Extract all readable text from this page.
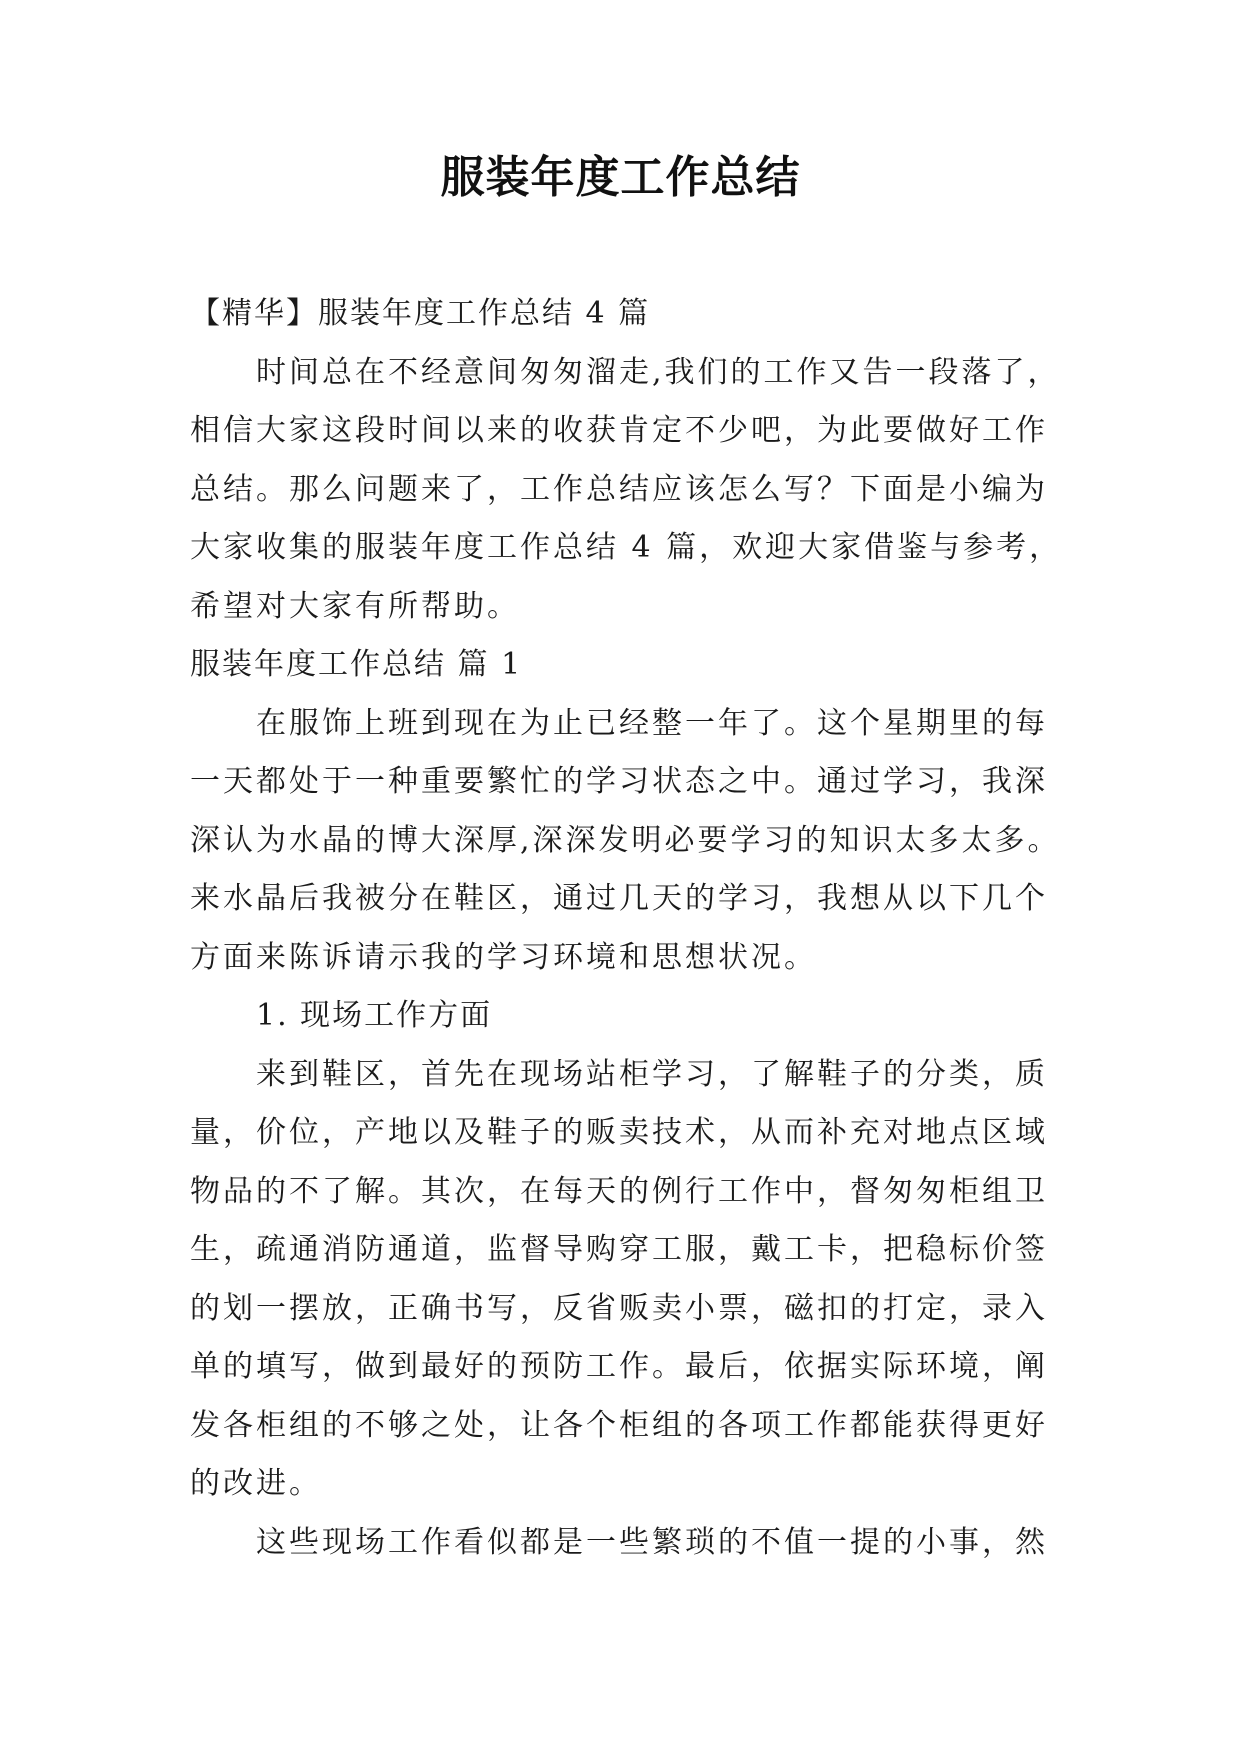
服装年度工作总结

【精华】服装年度工作总结 4 篇

时间总在不经意间匆匆溜走,我们的工作又告一段落了，相信大家这段时间以来的收获肯定不少吧，为此要做好工作总结。那么问题来了，工作总结应该怎么写？下面是小编为大家收集的服装年度工作总结 4 篇，欢迎大家借鉴与参考，希望对大家有所帮助。

服装年度工作总结 篇 1

在服饰上班到现在为止已经整一年了。这个星期里的每一天都处于一种重要繁忙的学习状态之中。通过学习，我深深认为水晶的博大深厚,深深发明必要学习的知识太多太多。来水晶后我被分在鞋区，通过几天的学习，我想从以下几个方面来陈诉请示我的学习环境和思想状况。

1. 现场工作方面

来到鞋区，首先在现场站柜学习，了解鞋子的分类，质量，价位，产地以及鞋子的贩卖技术，从而补充对地点区域物品的不了解。其次，在每天的例行工作中，督匆匆柜组卫生，疏通消防通道，监督导购穿工服，戴工卡，把稳标价签的划一摆放，正确书写，反省贩卖小票，磁扣的打定，录入单的填写，做到最好的预防工作。最后，依据实际环境，阐发各柜组的不够之处，让各个柜组的各项工作都能获得更好的改进。

这些现场工作看似都是一些繁琐的不值一提的小事，然
